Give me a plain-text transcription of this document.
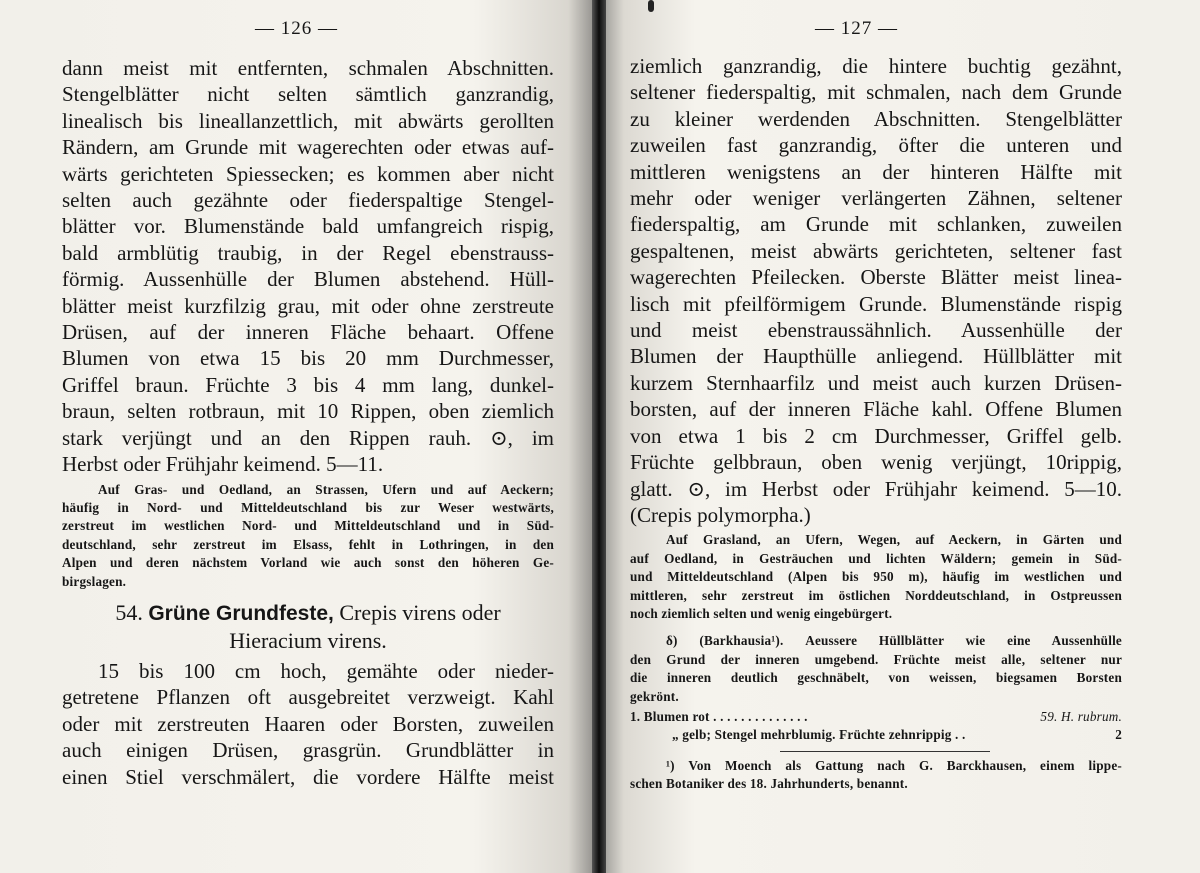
— 126 —
dann meist mit entfernten, schmalen Abschnitten.
Stengelblätter nicht selten sämtlich ganzrandig,
linealisch bis lineallanzettlich, mit abwärts gerollten
Rändern, am Grunde mit wagerechten oder etwas auf-
wärts gerichteten Spiessecken; es kommen aber nicht
selten auch gezähnte oder fiederspaltige Stengel-
blätter vor. Blumenstände bald umfangreich rispig,
bald armblütig traubig, in der Regel ebenstrauss-
förmig. Aussenhülle der Blumen abstehend. Hüll-
blätter meist kurzfilzig grau, mit oder ohne zerstreute
Drüsen, auf der inneren Fläche behaart. Offene
Blumen von etwa 15 bis 20 mm Durchmesser,
Griffel braun. Früchte 3 bis 4 mm lang, dunkel-
braun, selten rotbraun, mit 10 Rippen, oben ziemlich
stark verjüngt und an den Rippen rauh. ⊙, im
Herbst oder Frühjahr keimend. 5—11.
Auf Gras- und Oedland, an Strassen, Ufern und auf Aeckern;
häufig in Nord- und Mitteldeutschland bis zur Weser westwärts,
zerstreut im westlichen Nord- und Mitteldeutschland und in Süd-
deutschland, sehr zerstreut im Elsass, fehlt in Lothringen, in den
Alpen und deren nächstem Vorland wie auch sonst den höheren Ge-
birgslagen.
54. Grüne Grundfeste, Crepis virens oder
Hieracium virens.
15 bis 100 cm hoch, gemähte oder nieder-
getretene Pflanzen oft ausgebreitet verzweigt. Kahl
oder mit zerstreuten Haaren oder Borsten, zuweilen
auch einigen Drüsen, grasgrün. Grundblätter in
einen Stiel verschmälert, die vordere Hälfte meist
— 127 —
ziemlich ganzrandig, die hintere buchtig gezähnt,
seltener fiederspaltig, mit schmalen, nach dem Grunde
zu kleiner werdenden Abschnitten. Stengelblätter
zuweilen fast ganzrandig, öfter die unteren und
mittleren wenigstens an der hinteren Hälfte mit
mehr oder weniger verlängerten Zähnen, seltener
fiederspaltig, am Grunde mit schlanken, zuweilen
gespaltenen, meist abwärts gerichteten, seltener fast
wagerechten Pfeilecken. Oberste Blätter meist linea-
lisch mit pfeilförmigem Grunde. Blumenstände rispig
und meist ebenstraussähnlich. Aussenhülle der
Blumen der Haupthülle anliegend. Hüllblätter mit
kurzem Sternhaarfilz und meist auch kurzen Drüsen-
borsten, auf der inneren Fläche kahl. Offene Blumen
von etwa 1 bis 2 cm Durchmesser, Griffel gelb.
Früchte gelbbraun, oben wenig verjüngt, 10rippig,
glatt. ⊙, im Herbst oder Frühjahr keimend. 5—10.
(Crepis polymorpha.)
Auf Grasland, an Ufern, Wegen, auf Aeckern, in Gärten und
auf Oedland, in Gesträuchen und lichten Wäldern; gemein in Süd-
und Mitteldeutschland (Alpen bis 950 m), häufig im westlichen und
mittleren, sehr zerstreut im östlichen Norddeutschland, in Ostpreussen
noch ziemlich selten und wenig eingebürgert.
δ) (Barkhausia¹). Aeussere Hüllblätter wie eine Aussenhülle
den Grund der inneren umgebend. Früchte meist alle, seltener nur
die inneren deutlich geschnäbelt, von weissen, biegsamen Borsten
gekrönt.
1. Blumen rot . . . . . . . . . . . . . .	59. H. rubrum.
„ gelb; Stengel mehrblumig. Früchte zehnrippig . .	2
¹) Von Moench als Gattung nach G. Barckhausen, einem lippe-
schen Botaniker des 18. Jahrhunderts, benannt.
